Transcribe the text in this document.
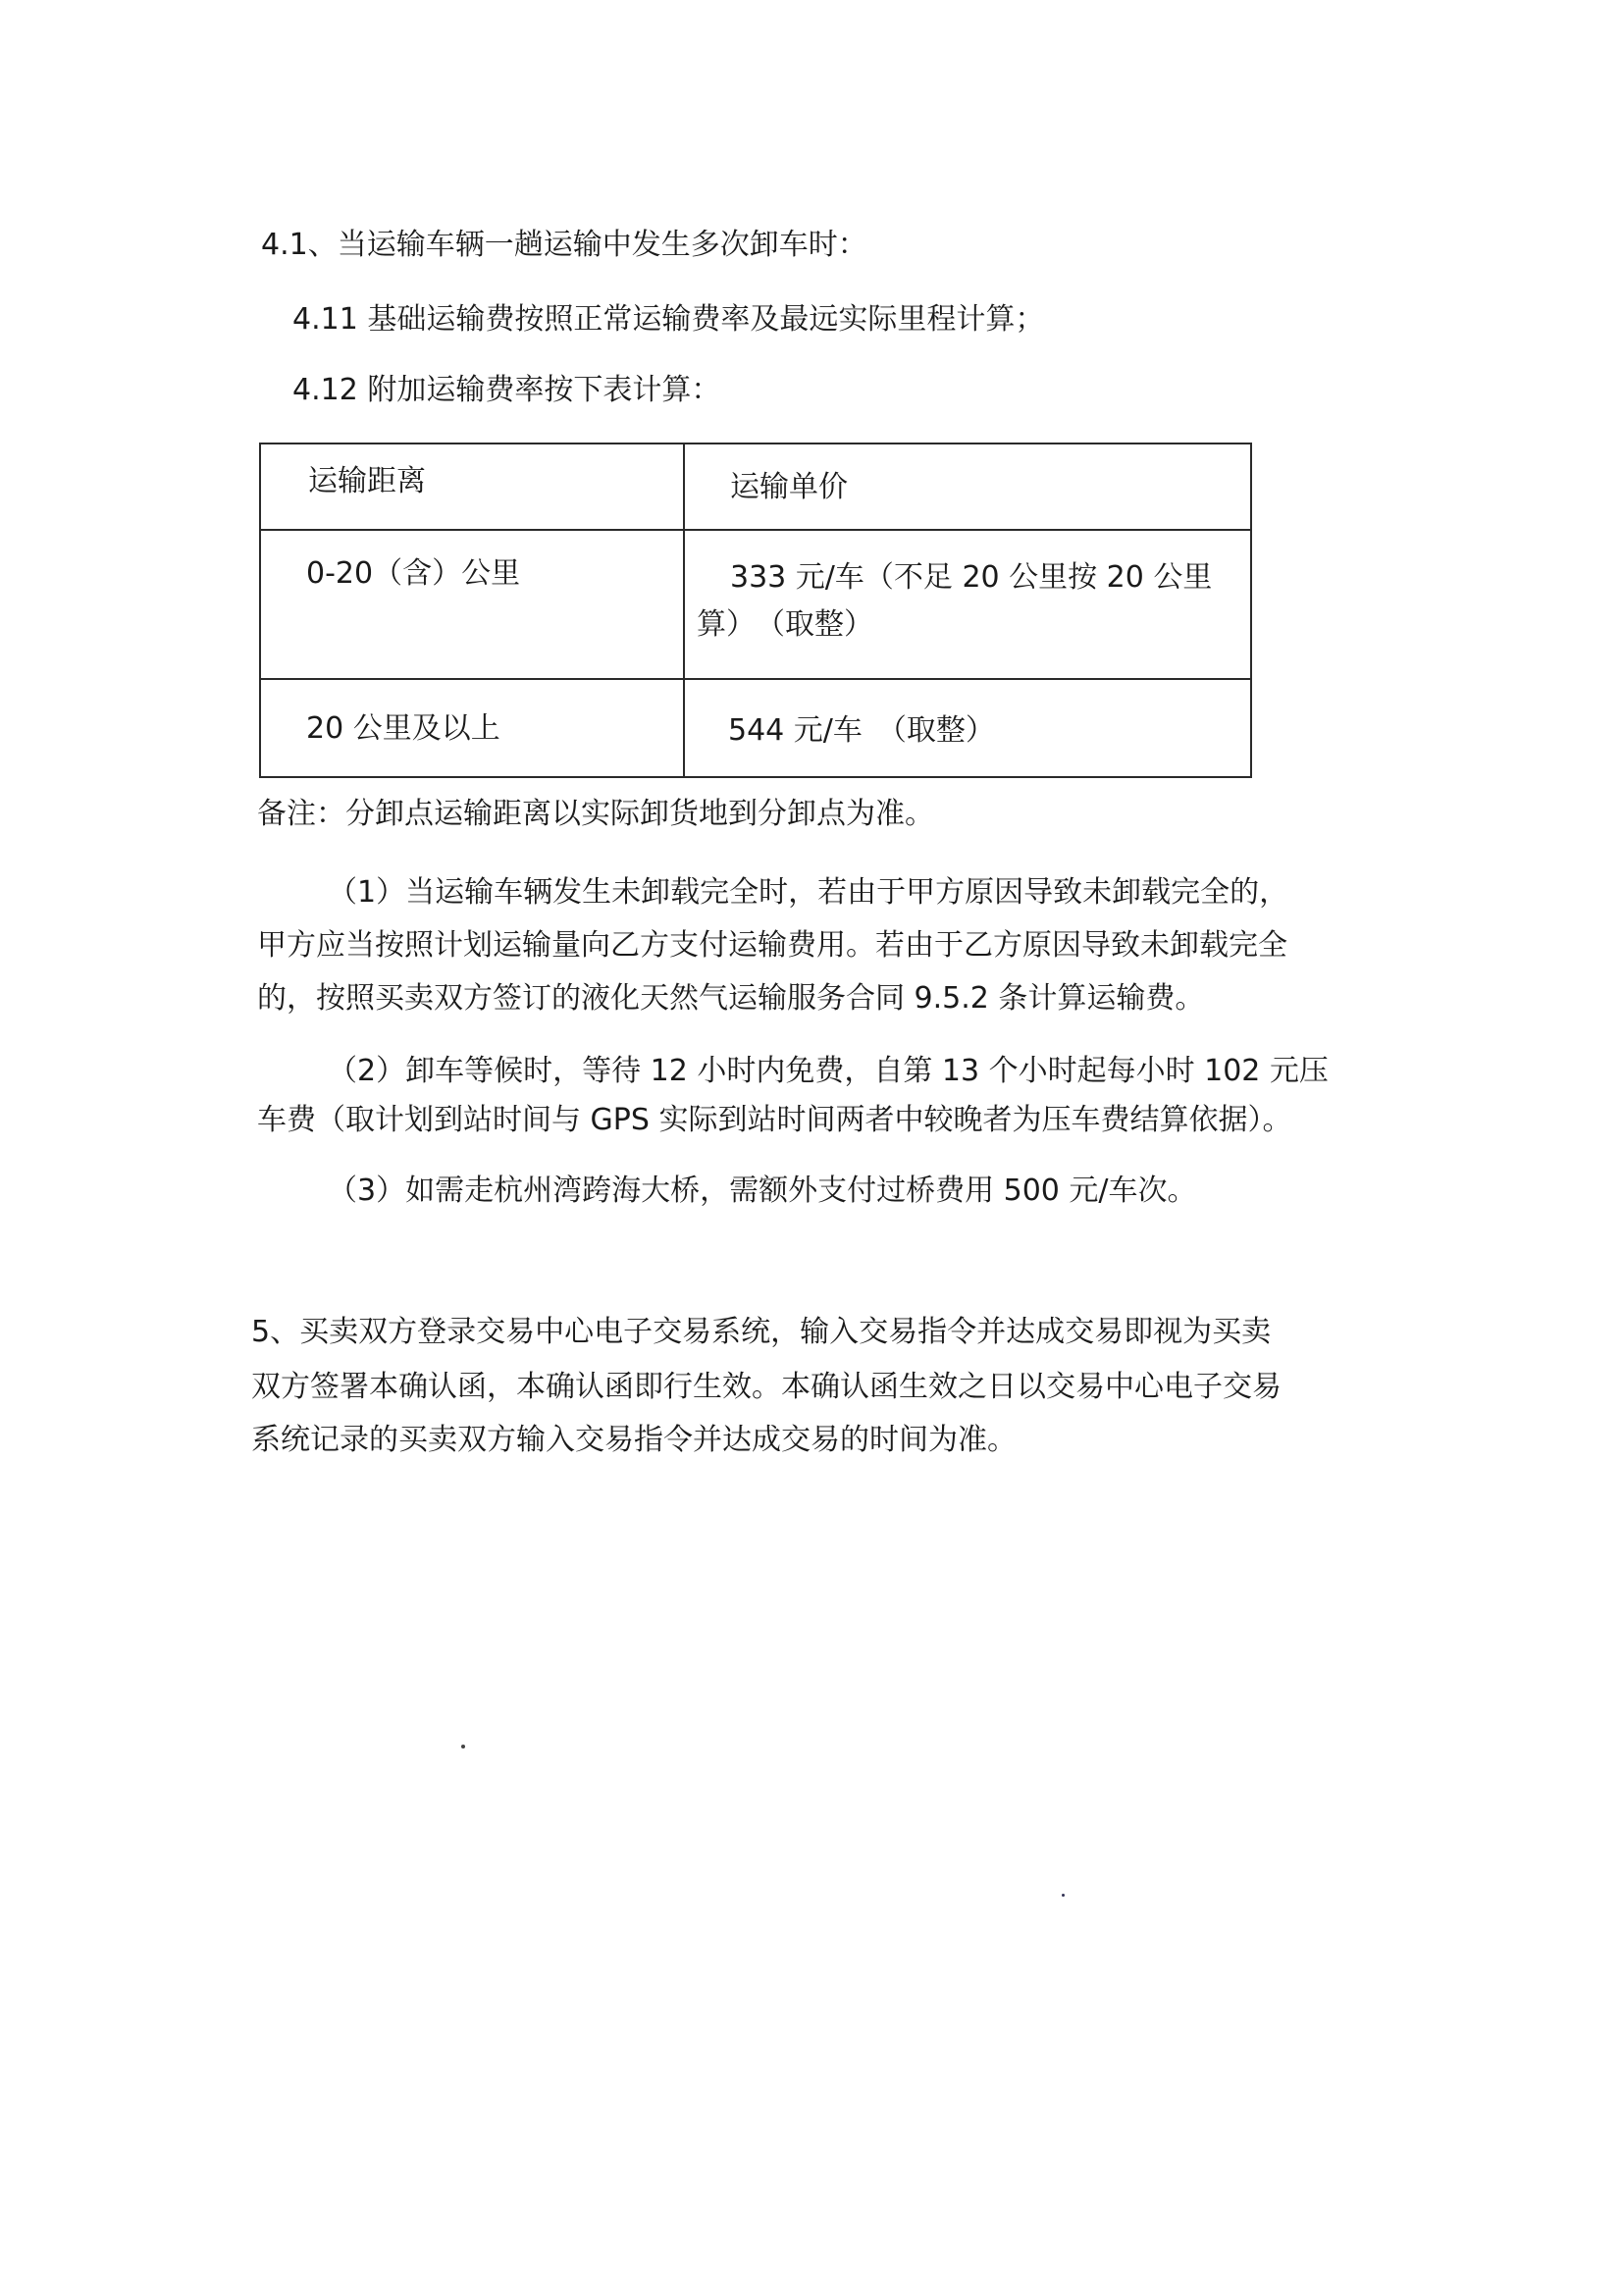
4.1、当运输车辆一趟运输中发生多次卸车时：
4.11 基础运输费按照正常运输费率及最远实际里程计算；
4.12 附加运输费率按下表计算：
运输距离	运输单价

0-20（含）公里	333 元/车（不足 20 公里按 20 公里
算）　（取整）

20 公里及以上	544 元/车　（取整）
备注：分卸点运输距离以实际卸货地到分卸点为准。
（1）当运输车辆发生未卸载完全时，若由于甲方原因导致未卸载完全的，
甲方应当按照计划运输量向乙方支付运输费用。若由于乙方原因导致未卸载完全
的，按照买卖双方签订的液化天然气运输服务合同 9.5.2 条计算运输费。
（2）卸车等候时，等待 12 小时内免费，自第 13 个小时起每小时 102 元压
车费（取计划到站时间与 GPS 实际到站时间两者中较晚者为压车费结算依据）。
（3）如需走杭州湾跨海大桥，需额外支付过桥费用 500 元/车次。
5、买卖双方登录交易中心电子交易系统，输入交易指令并达成交易即视为买卖
双方签署本确认函，本确认函即行生效。本确认函生效之日以交易中心电子交易
系统记录的买卖双方输入交易指令并达成交易的时间为准。
